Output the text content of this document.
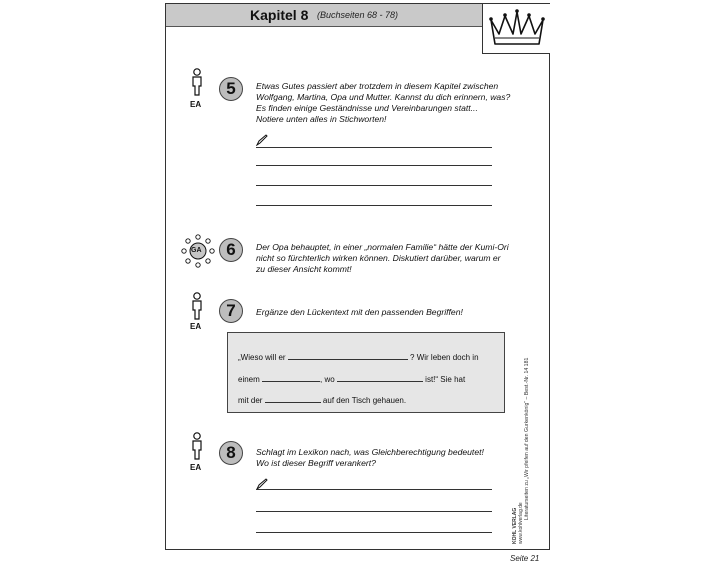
Kapitel 8 (Buchseiten 68 - 78)
EA
5	Etwas Gutes passiert aber trotzdem in diesem Kapitel zwischen
Wolfgang, Martina, Opa und Mutter. Kannst du dich erinnern, was?
Es finden einige Geständnisse und Vereinbarungen statt...
Notiere unten alles in Stichworten!
GA	6	Der Opa behauptet, in einer „normalen Familie“ hätte der Kumi-Ori
nicht so fürchterlich wirken können. Diskutiert darüber, warum er
zu dieser Ansicht kommt!
EA
7	Ergänze den Lückentext mit den passenden Begriffen!
„Wieso will er	? Wir leben doch in
einem	, wo	ist!“ Sie hat
mit der	auf den Tisch gehauen.
EA
8	Schlagt im Lexikon nach, was Gleichberechtigung bedeutet!
Wo ist dieser Begriff verankert?	Literaturseiten zu „Wir pfeifen auf den Gurkenkönig“ – Best.-Nr. 14 181
KOHL VERLAG www.kohlverlag.de
Seite 21
